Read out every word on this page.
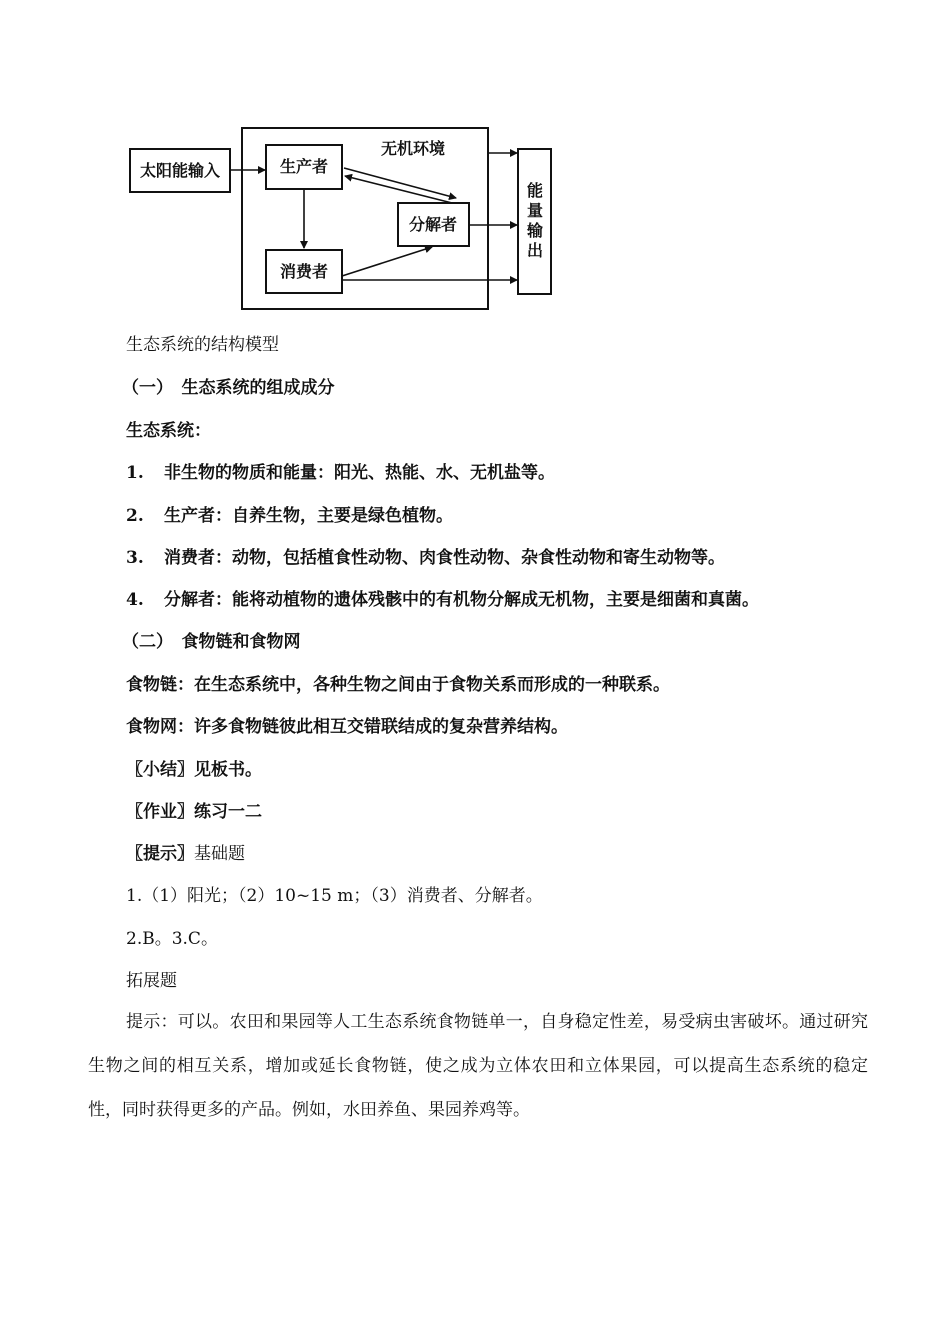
太阳能输入	生产者
无机环境
分解者
消费者
能
量
输
出
生态系统的结构模型
（一）　生态系统的组成成分
生态系统：
1. 非生物的物质和能量：阳光、热能、水、无机盐等。
2. 生产者：自养生物，主要是绿色植物。
3. 消费者：动物，包括植食性动物、肉食性动物、杂食性动物和寄生动物等。
4. 分解者：能将动植物的遗体残骸中的有机物分解成无机物，主要是细菌和真菌。
（二）　食物链和食物网
食物链：在生态系统中，各种生物之间由于食物关系而形成的一种联系。
食物网：许多食物链彼此相互交错联结成的复杂营养结构。
〖小结〗见板书。
〖作业〗练习一二
〖提示〗基础题
1.（1）阳光；（2）10~15 m；（3）消费者、分解者。
2.B。3.C。
拓展题
提示：可以。农田和果园等人工生态系统食物链单一，自身稳定性差，易受病虫害破坏。通过研究生物之间的相互关系，增加或延长食物链，使之成为立体农田和立体果园，可以提高生态系统的稳定性，同时获得更多的产品。例如，水田养鱼、果园养鸡等。
